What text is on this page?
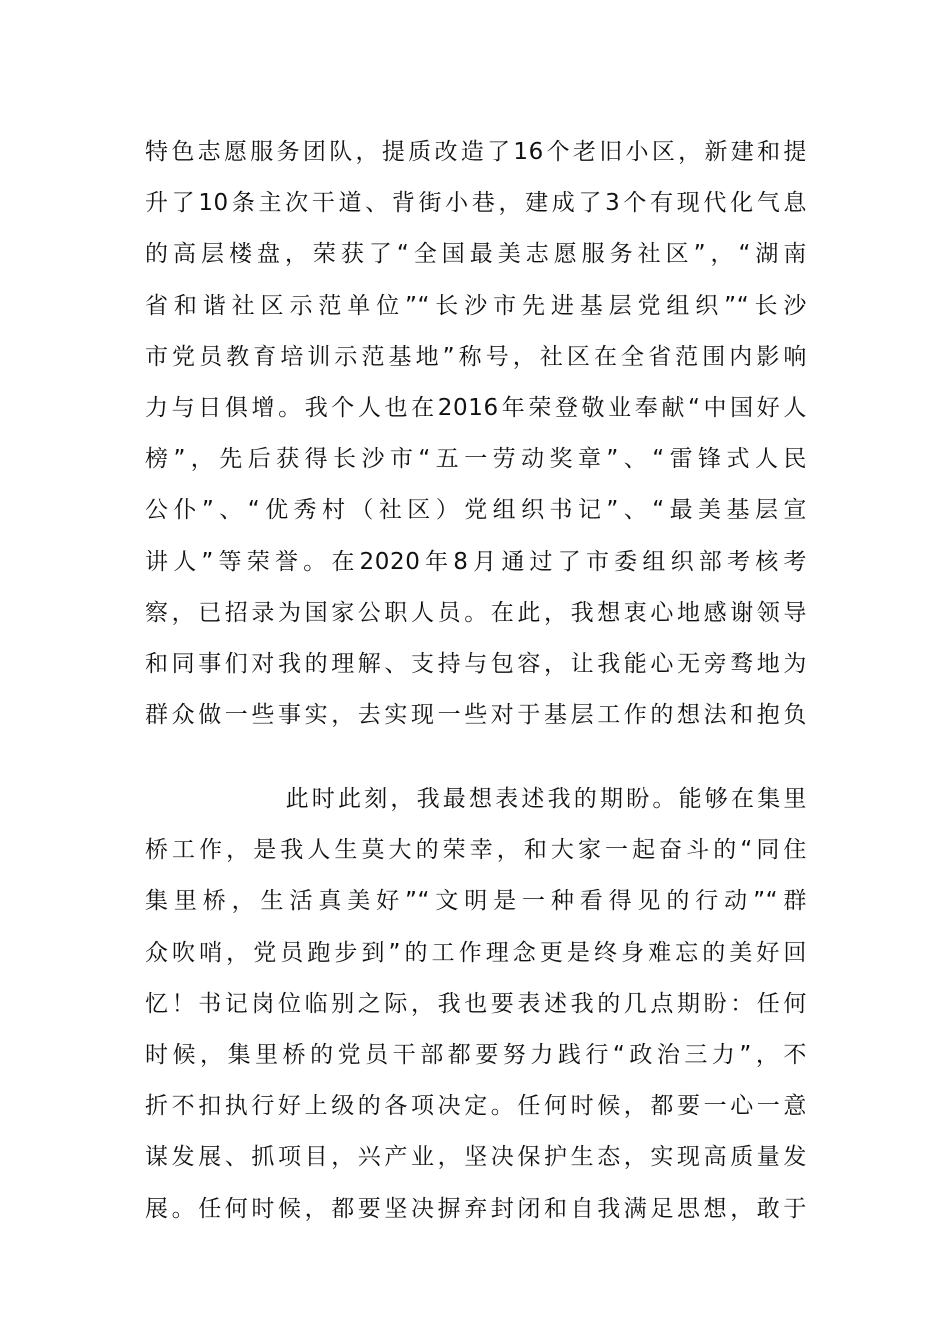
特色志愿服务团队，提质改造了16个老旧小区，新建和提
升了10条主次干道、背街小巷，建成了3个有现代化气息
的高层楼盘，荣获了“全国最美志愿服务社区”，“湖南
省和谐社区示范单位”“长沙市先进基层党组织”“长沙
市党员教育培训示范基地”称号，社区在全省范围内影响
力与日俱增。我个人也在2016年荣登敬业奉献“中国好人
榜”，先后获得长沙市“五一劳动奖章”、“雷锋式人民
公仆”、“优秀村（社区）党组织书记”、“最美基层宣
讲人”等荣誉。在2020年8月通过了市委组织部考核考
察，已招录为国家公职人员。在此，我想衷心地感谢领导
和同事们对我的理解、支持与包容，让我能心无旁骛地为
群众做一些事实，去实现一些对于基层工作的想法和抱负
此时此刻，我最想表述我的期盼。能够在集里
桥工作，是我人生莫大的荣幸，和大家一起奋斗的“同住
集里桥，生活真美好”“文明是一种看得见的行动”“群
众吹哨，党员跑步到”的工作理念更是终身难忘的美好回
忆！书记岗位临别之际，我也要表述我的几点期盼：任何
时候，集里桥的党员干部都要努力践行“政治三力”，不
折不扣执行好上级的各项决定。任何时候，都要一心一意
谋发展、抓项目，兴产业，坚决保护生态，实现高质量发
展。任何时候，都要坚决摒弃封闭和自我满足思想，敢于
